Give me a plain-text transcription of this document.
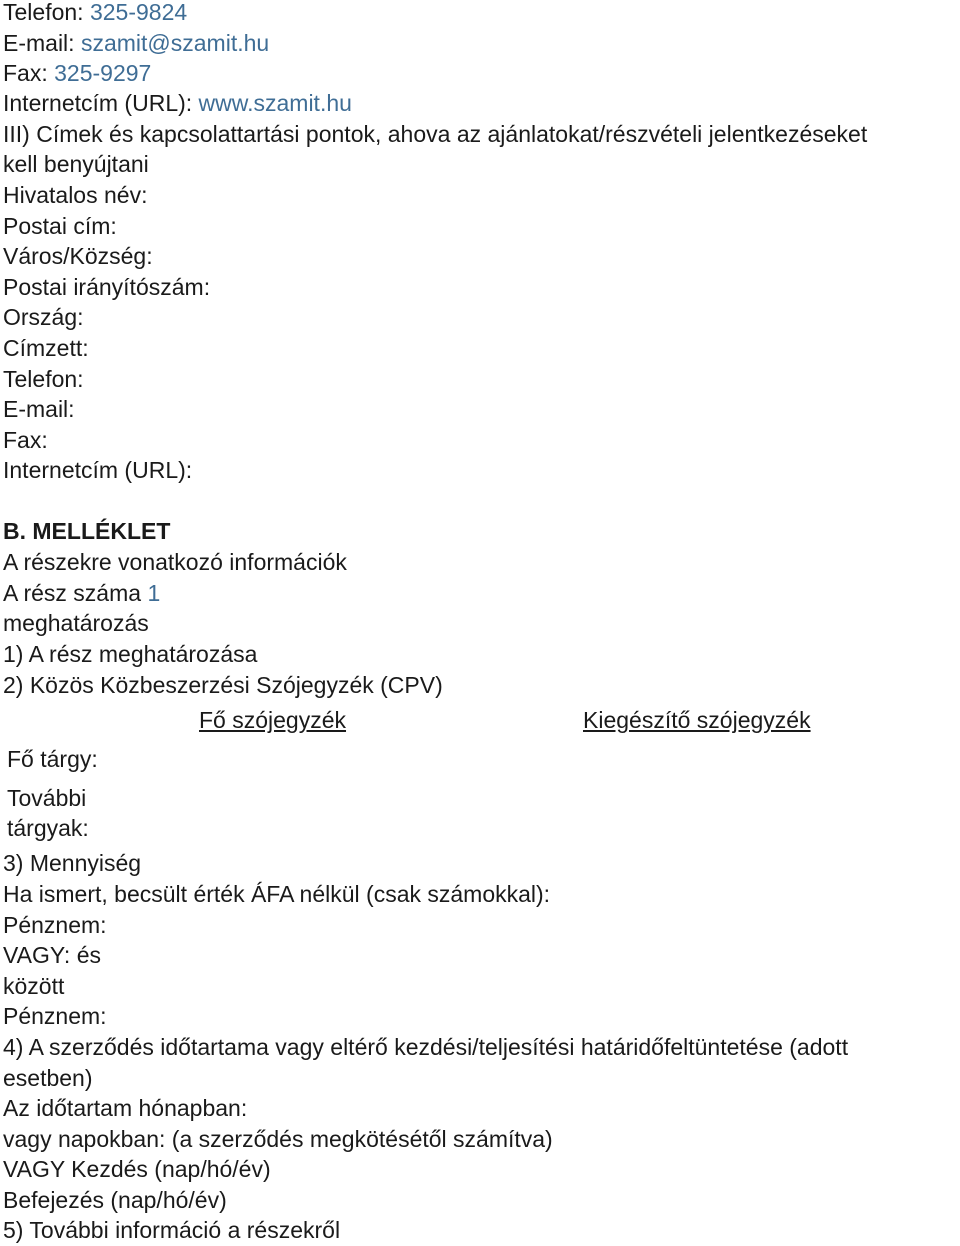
Telefon: 325-9824
E-mail: szamit@szamit.hu
Fax: 325-9297
Internetcím (URL): www.szamit.hu
III) Címek és kapcsolattartási pontok, ahova az ajánlatokat/részvételi jelentkezéseket
kell benyújtani
Hivatalos név:
Postai cím:
Város/Község:
Postai irányítószám:
Ország:
Címzett:
Telefon:
E-mail:
Fax:
Internetcím (URL):
B. MELLÉKLET
A részekre vonatkozó információk
A rész száma 1
meghatározás
1) A rész meghatározása
2) Közös Közbeszerzési Szójegyzék (CPV)
Fő szójegyzék	Kiegészítő szójegyzék
Fő tárgy:
További
tárgyak:
3) Mennyiség
Ha ismert, becsült érték ÁFA nélkül (csak számokkal):
Pénznem:
VAGY: és
között
Pénznem:
4) A szerződés időtartama vagy eltérő kezdési/teljesítési határidőfeltüntetése (adott
esetben)
Az időtartam hónapban:
vagy napokban: (a szerződés megkötésétől számítva)
VAGY Kezdés (nap/hó/év)
Befejezés (nap/hó/év)
5) További információ a részekről
